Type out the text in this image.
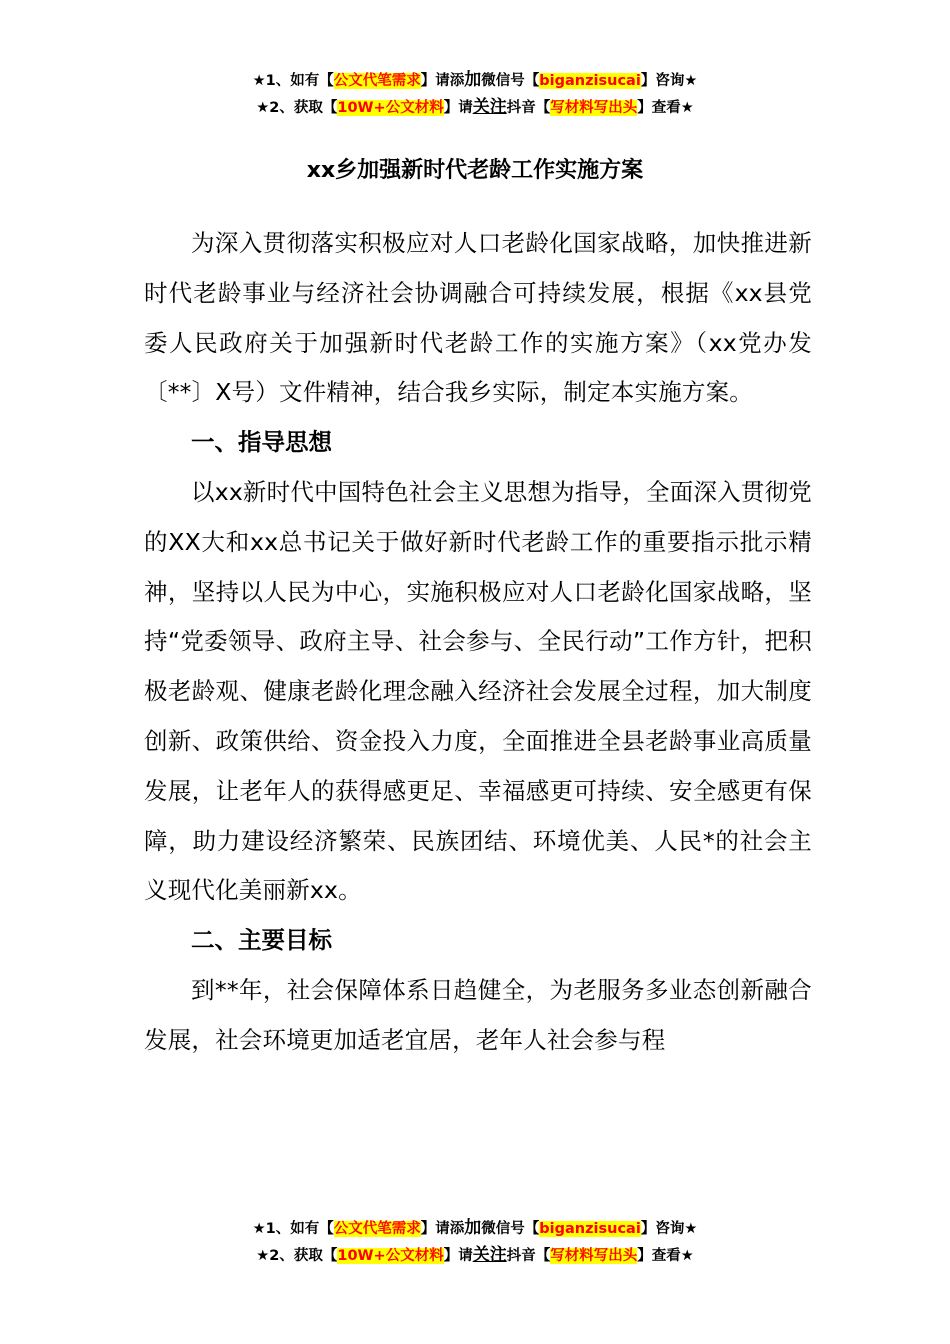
★1、如有【公文代笔需求】请添加微信号【biganzisucai】咨询★
★2、获取【10W+公文材料】请关注抖音【写材料写出头】查看★
xx乡加强新时代老龄工作实施方案

为深入贯彻落实积极应对人口老龄化国家战略，加快推进新时代老龄事业与经济社会协调融合可持续发展，根据《xx县党委人民政府关于加强新时代老龄工作的实施方案》（xx党办发〔**〕X号）文件精神，结合我乡实际，制定本实施方案。

一、指导思想

以xx新时代中国特色社会主义思想为指导，全面深入贯彻党的XX大和xx总书记关于做好新时代老龄工作的重要指示批示精神，坚持以人民为中心，实施积极应对人口老龄化国家战略，坚持“党委领导、政府主导、社会参与、全民行动”工作方针，把积极老龄观、健康老龄化理念融入经济社会发展全过程，加大制度创新、政策供给、资金投入力度，全面推进全县老龄事业高质量发展，让老年人的获得感更足、幸福感更可持续、安全感更有保障，助力建设经济繁荣、民族团结、环境优美、人民*的社会主义现代化美丽新xx。

二、主要目标

到**年，社会保障体系日趋健全，为老服务多业态创新融合发展，社会环境更加适老宜居，老年人社会参与程

★1、如有【公文代笔需求】请添加微信号【biganzisucai】咨询★
★2、获取【10W+公文材料】请关注抖音【写材料写出头】查看★
